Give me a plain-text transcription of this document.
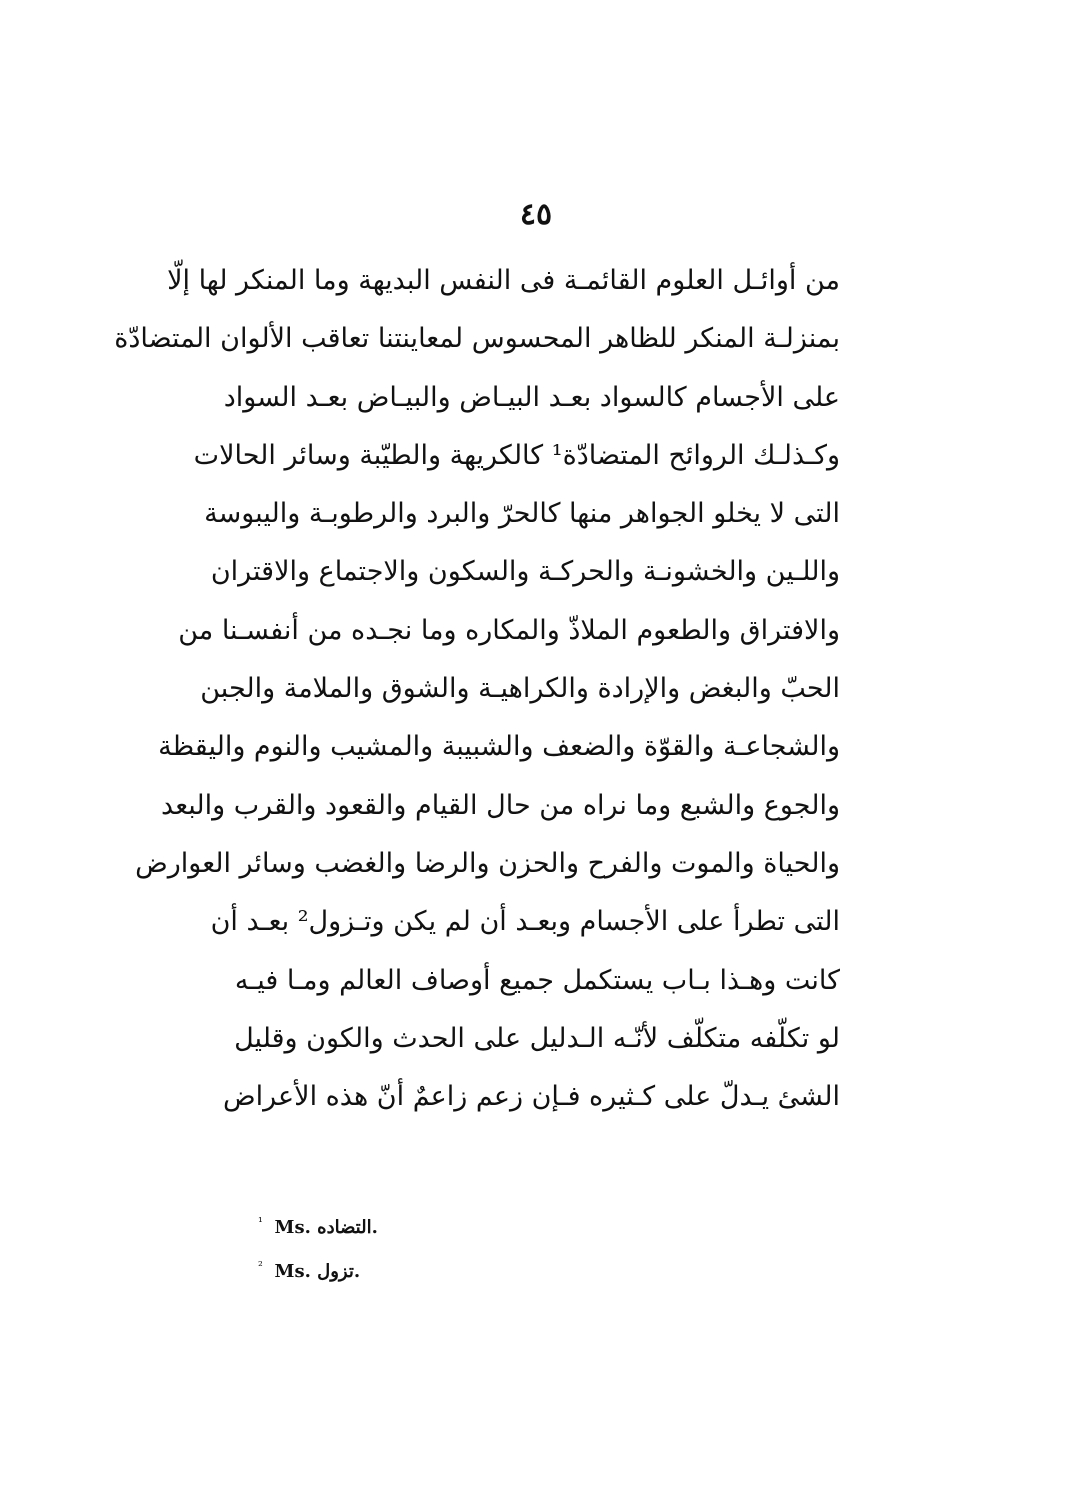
٤٥
من أوائـل العلوم القائمـة فى النفس البديهة وما المنكر لها إلّا
بمنزلـة المنكر للظاهر المحسوس لمعاينتنا تعاقب الألوان المتضادّة
على الأجسام كالسواد بعـد البيـاض والبيـاض بعـد السواد
وكـذلـك الروائح المتضادّة¹ كالكريهة والطيّبة وسائر الحالات
التى لا يخلو الجواهر منها كالحرّ والبرد والرطوبـة واليبوسة
واللـين والخشونـة والحركـة والسكون والاجتماع والاقتران
والافتراق والطعوم الملاذّ والمكاره وما نجـده من أنفسـنا من
الحبّ والبغض والإرادة والكراهيـة والشوق والملامة والجبن
والشجاعـة والقوّة والضعف والشبيبة والمشيب والنوم واليقظة
والجوع والشبع وما نراه من حال القيام والقعود والقرب والبعد
والحياة والموت والفرح والحزن والرضا والغضب وسائر العوارض
التى تطرأ على الأجسام وبعـد أن لم يكن وتـزول² بعـد أن
كانت وهـذا بـاب يستكمل جميع أوصاف العالم ومـا فيـه
لو تكلّفه متكلّف لأنّـه الـدليل على الحدث والكون وقليل
الشئ يـدلّ على كـثيره فـإن زعم زاعمٌ أنّ هذه الأعراض
$^{^1}$ Ms. التضاده.
$^{^2}$ Ms. تزول.
